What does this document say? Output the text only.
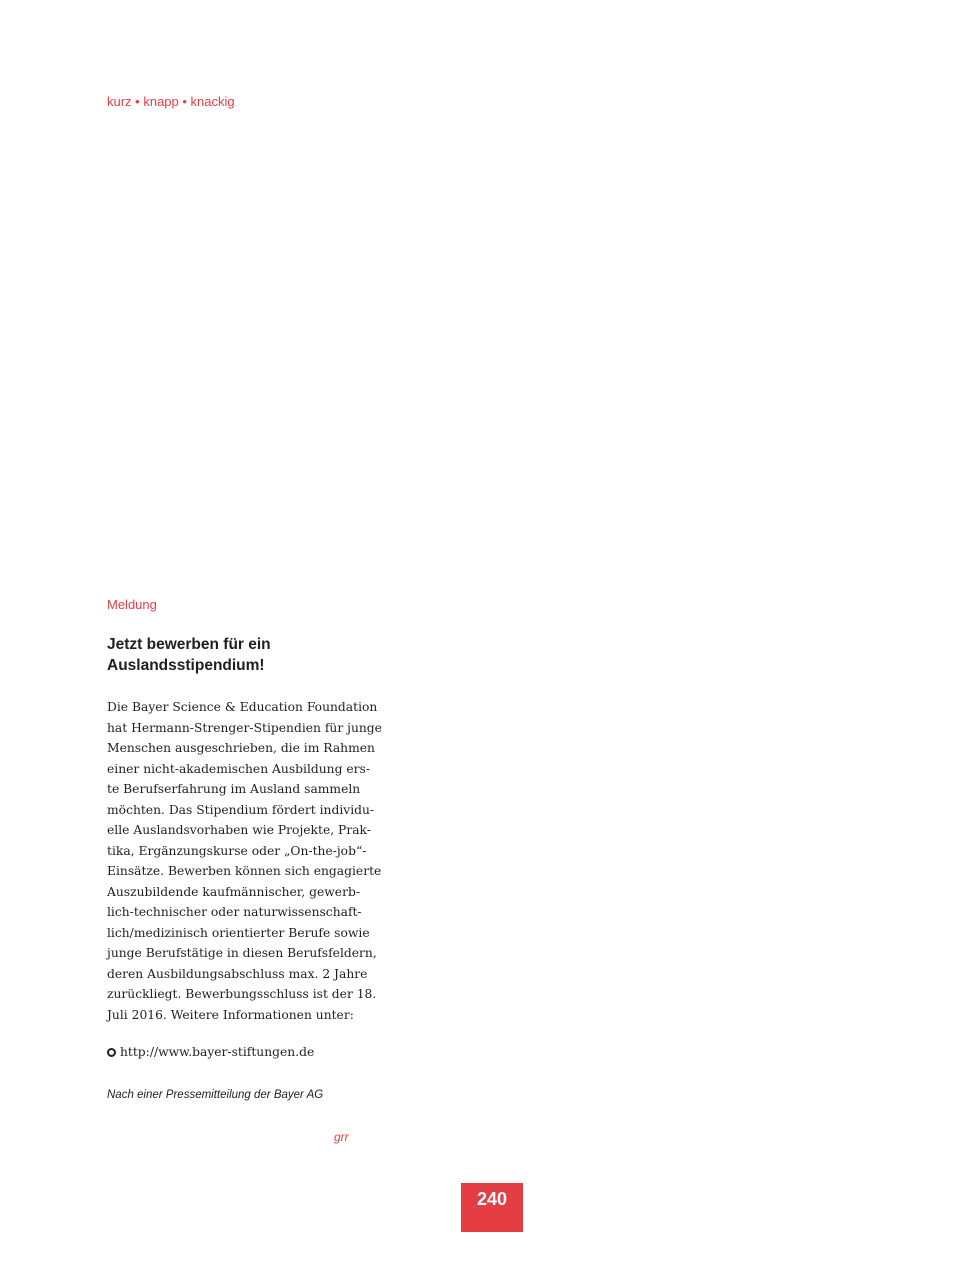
kurz • knapp • knackig
Meldung
Jetzt bewerben für ein
Auslandsstipendium!
Die Bayer Science & Education Foundation
hat Hermann-Strenger-Stipendien für junge
Menschen ausgeschrieben, die im Rahmen
einer nicht-akademischen Ausbildung ers-
te Berufserfahrung im Ausland sammeln
möchten. Das Stipendium fördert individu-
elle Auslandsvorhaben wie Projekte, Prak-
tika, Ergänzungskurse oder „On-the-job“-
Einsätze. Bewerben können sich engagierte
Auszubildende kaufmännischer, gewerb-
lich-technischer oder naturwissenschaft-
lich/medizinisch orientierter Berufe sowie
junge Berufstätige in diesen Berufsfeldern,
deren Ausbildungsabschluss max. 2 Jahre
zurückliegt. Bewerbungsschluss ist der 18.
Juli 2016. Weitere Informationen unter:
http://www.bayer-stiftungen.de
Nach einer Pressemitteilung der Bayer AG
grr
240
